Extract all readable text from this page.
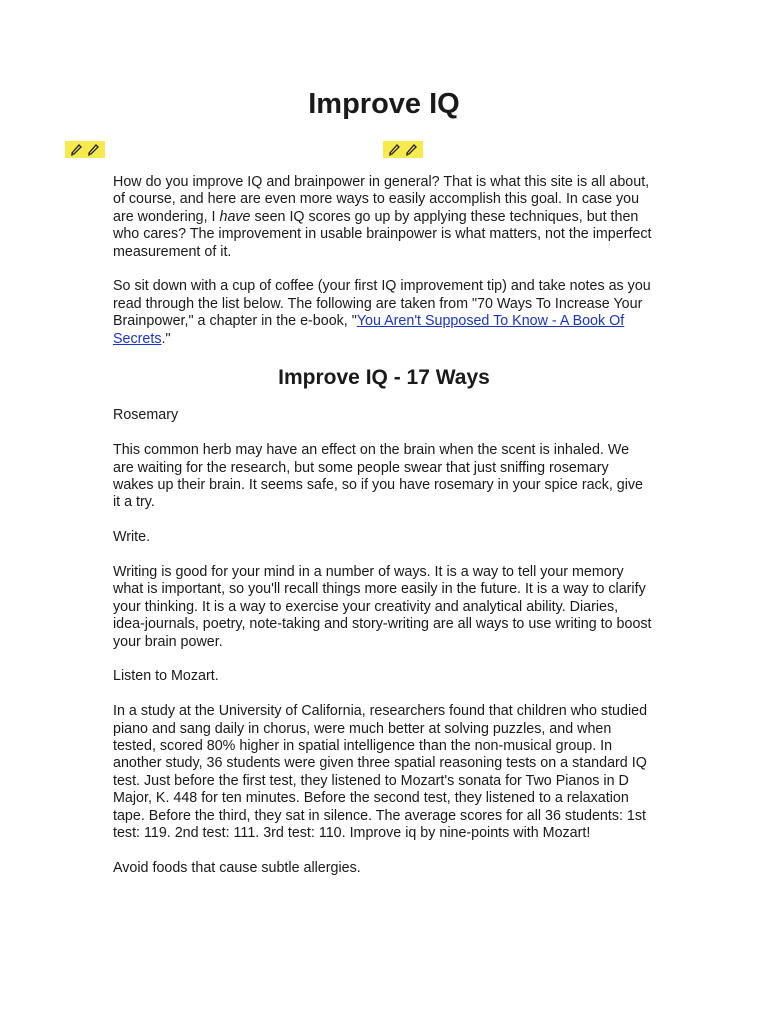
Improve IQ

How do you improve IQ and brainpower in general? That is what this site is all about, of course, and here are even more ways to easily accomplish this goal. In case you are wondering, I have seen IQ scores go up by applying these techniques, but then who cares? The improvement in usable brainpower is what matters, not the imperfect measurement of it.

So sit down with a cup of coffee (your first IQ improvement tip) and take notes as you read through the list below. The following are taken from "70 Ways To Increase Your Brainpower," a chapter in the e-book, "You Aren't Supposed To Know - A Book Of Secrets."

Improve IQ - 17 Ways

Rosemary

This common herb may have an effect on the brain when the scent is inhaled. We are waiting for the research, but some people swear that just sniffing rosemary wakes up their brain. It seems safe, so if you have rosemary in your spice rack, give it a try.

Write.

Writing is good for your mind in a number of ways. It is a way to tell your memory what is important, so you'll recall things more easily in the future. It is a way to clarify your thinking. It is a way to exercise your creativity and analytical ability. Diaries, idea-journals, poetry, note-taking and story-writing are all ways to use writing to boost your brain power.

Listen to Mozart.

In a study at the University of California, researchers found that children who studied piano and sang daily in chorus, were much better at solving puzzles, and when tested, scored 80% higher in spatial intelligence than the non-musical group. In another study, 36 students were given three spatial reasoning tests on a standard IQ test. Just before the first test, they listened to Mozart's sonata for Two Pianos in D Major, K. 448 for ten minutes. Before the second test, they listened to a relaxation tape. Before the third, they sat in silence. The average scores for all 36 students: 1st test: 119. 2nd test: 111. 3rd test: 110. Improve iq by nine-points with Mozart!

Avoid foods that cause subtle allergies.
